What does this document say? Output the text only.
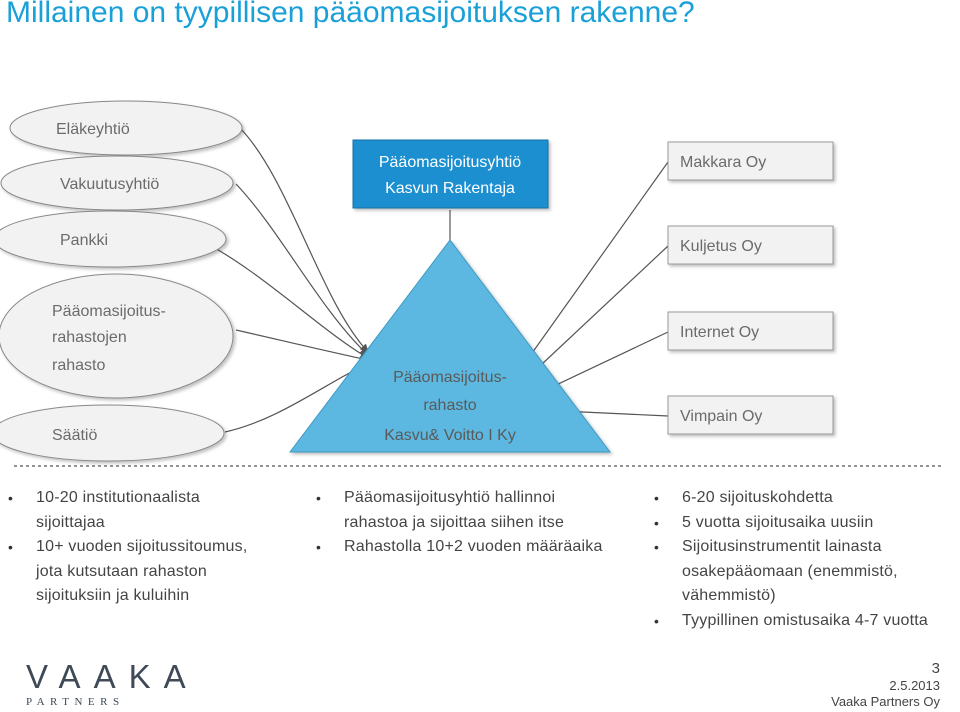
Millainen on tyypillisen pääomasijoituksen rakenne?
Eläkeyhtiö
Vakuutusyhtiö
Pankki
Pääomasijoitus-
rahastojen
rahasto
Säätiö
Pääomasijoitusyhtiö
Kasvun Rakentaja
Pääomasijoitus-
rahasto
Kasvu& Voitto I Ky
Makkara Oy
Kuljetus Oy
Internet Oy
Vimpain Oy
• 10-20 institutionaalista
sijoittajaa
• 10+ vuoden sijoitussitoumus,
jota kutsutaan rahaston
sijoituksiin ja kuluihin
• Pääomasijoitusyhtiö hallinnoi
rahastoa ja sijoittaa siihen itse
• Rahastolla 10+2 vuoden määräaika
• 6-20 sijoituskohdetta
• 5 vuotta sijoitusaika uusiin
• Sijoitusinstrumentit lainasta
osakepääomaan (enemmistö,
vähemmistö)
• Tyypillinen omistusaika 4-7 vuotta
VAAKA
PARTNERS
3
2.5.2013
Vaaka Partners Oy
